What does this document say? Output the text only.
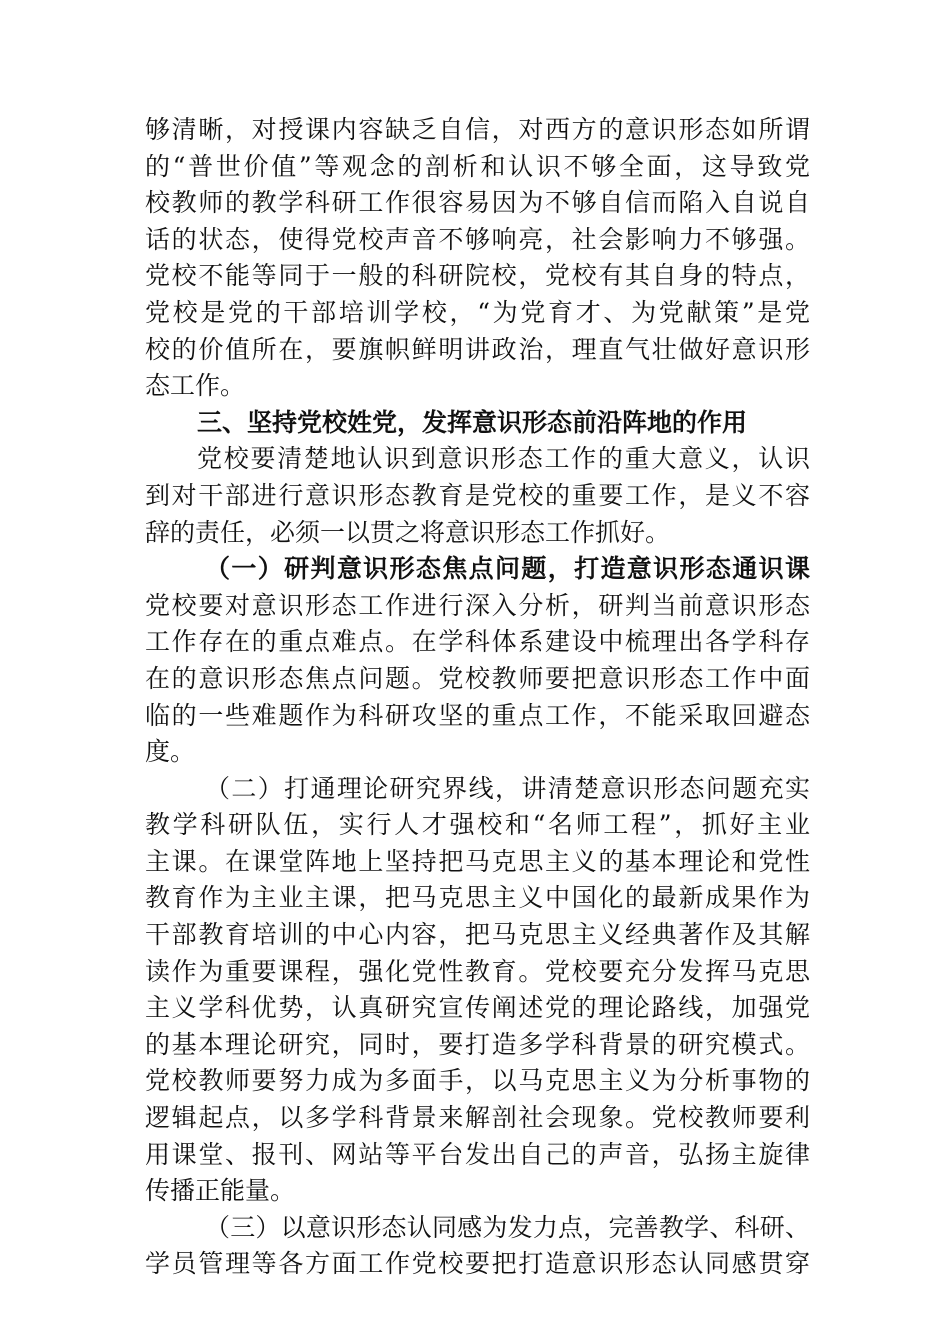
够清晰，对授课内容缺乏自信，对西方的意识形态如所谓
的“普世价值”等观念的剖析和认识不够全面，这导致党
校教师的教学科研工作很容易因为不够自信而陷入自说自
话的状态，使得党校声音不够响亮，社会影响力不够强。
党校不能等同于一般的科研院校，党校有其自身的特点，
党校是党的干部培训学校，“为党育才、为党献策”是党
校的价值所在，要旗帜鲜明讲政治，理直气壮做好意识形
态工作。
三、坚持党校姓党，发挥意识形态前沿阵地的作用
党校要清楚地认识到意识形态工作的重大意义，认识
到对干部进行意识形态教育是党校的重要工作，是义不容
辞的责任，必须一以贯之将意识形态工作抓好。
（一）研判意识形态焦点问题，打造意识形态通识课
党校要对意识形态工作进行深入分析，研判当前意识形态
工作存在的重点难点。在学科体系建设中梳理出各学科存
在的意识形态焦点问题。党校教师要把意识形态工作中面
临的一些难题作为科研攻坚的重点工作，不能采取回避态
度。
（二）打通理论研究界线，讲清楚意识形态问题充实
教学科研队伍，实行人才强校和“名师工程”，抓好主业
主课。在课堂阵地上坚持把马克思主义的基本理论和党性
教育作为主业主课，把马克思主义中国化的最新成果作为
干部教育培训的中心内容，把马克思主义经典著作及其解
读作为重要课程，强化党性教育。党校要充分发挥马克思
主义学科优势，认真研究宣传阐述党的理论路线，加强党
的基本理论研究，同时，要打造多学科背景的研究模式。
党校教师要努力成为多面手，以马克思主义为分析事物的
逻辑起点，以多学科背景来解剖社会现象。党校教师要利
用课堂、报刊、网站等平台发出自己的声音，弘扬主旋律
传播正能量。
（三）以意识形态认同感为发力点，完善教学、科研、
学员管理等各方面工作党校要把打造意识形态认同感贯穿
